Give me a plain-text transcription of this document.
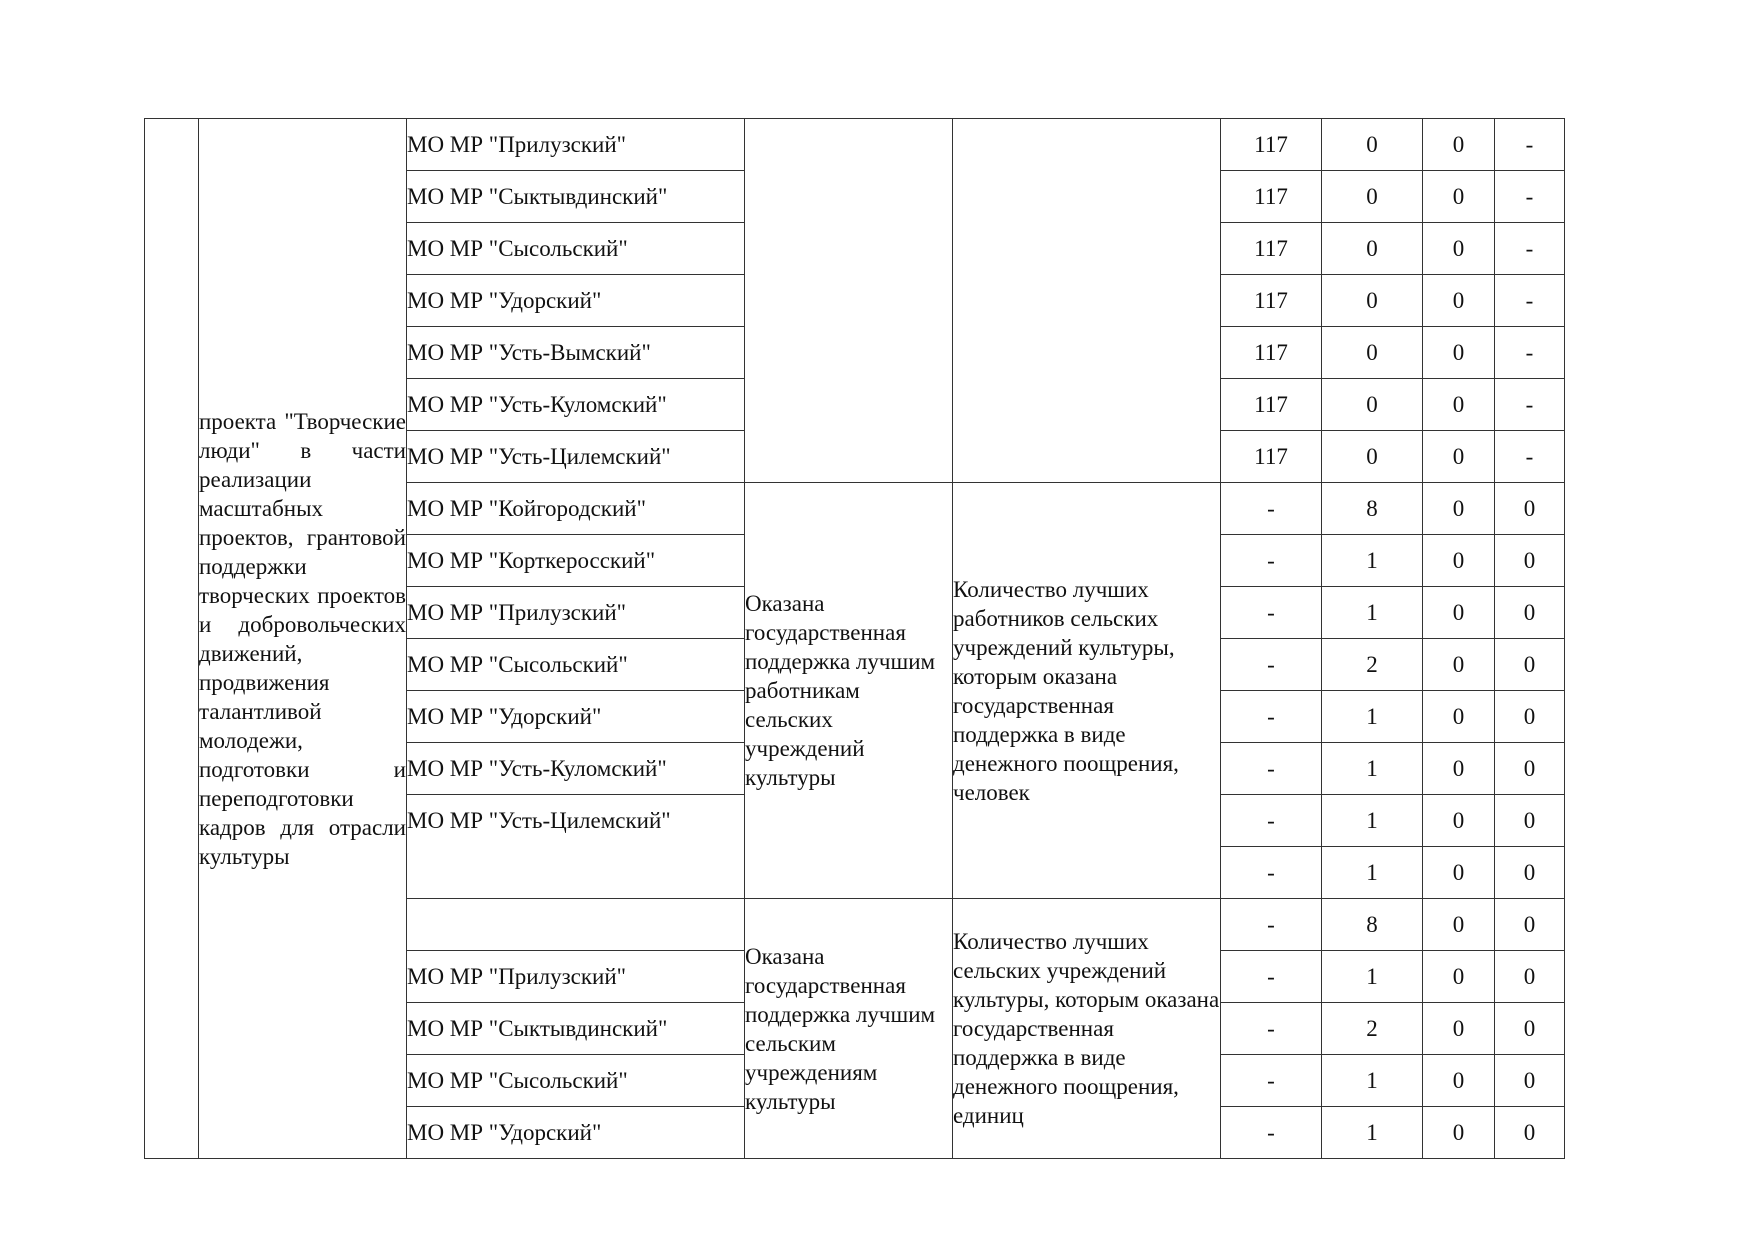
	проекта "Творческие люди" в части реализации масштабных проектов, грантовой поддержки творческих проектов и добровольческих движений, продвижения талантливой молодежи, подготовки и переподготовки кадров для отрасли культуры	МО МР "Прилузский"			117	0	0	-
		МО МР "Сыктывдинский"			117	0	0	-
		МО МР "Сысольский"			117	0	0	-
		МО МР "Удорский"			117	0	0	-
		МО МР "Усть-Вымский"			117	0	0	-
		МО МР "Усть-Куломский"			117	0	0	-
		МО МР "Усть-Цилемский"			117	0	0	-
		МО МР "Койгородский"	Оказана государственная поддержка лучшим работникам сельских учреждений культуры	Количество лучших работников сельских учреждений культуры, которым оказана государственная поддержка в виде денежного поощрения, человек	-	8	0	0
		МО МР "Корткеросский"			-	1	0	0
		МО МР "Прилузский"			-	1	0	0
		МО МР "Сысольский"			-	2	0	0
		МО МР "Удорский"			-	1	0	0
		МО МР "Усть-Куломский"			-	1	0	0
		МО МР "Усть-Цилемский"			-	1	0	0
					-	1	0	0
			Оказана государственная поддержка лучшим сельским учреждениям культуры	Количество лучших сельских учреждений культуры, которым оказана государственная поддержка в виде денежного поощрения, единиц	-	8	0	0
		МО МР "Прилузский"			-	1	0	0
		МО МР "Сыктывдинский"			-	2	0	0
		МО МР "Сысольский"			-	1	0	0
		МО МР "Удорский"			-	1	0	0
